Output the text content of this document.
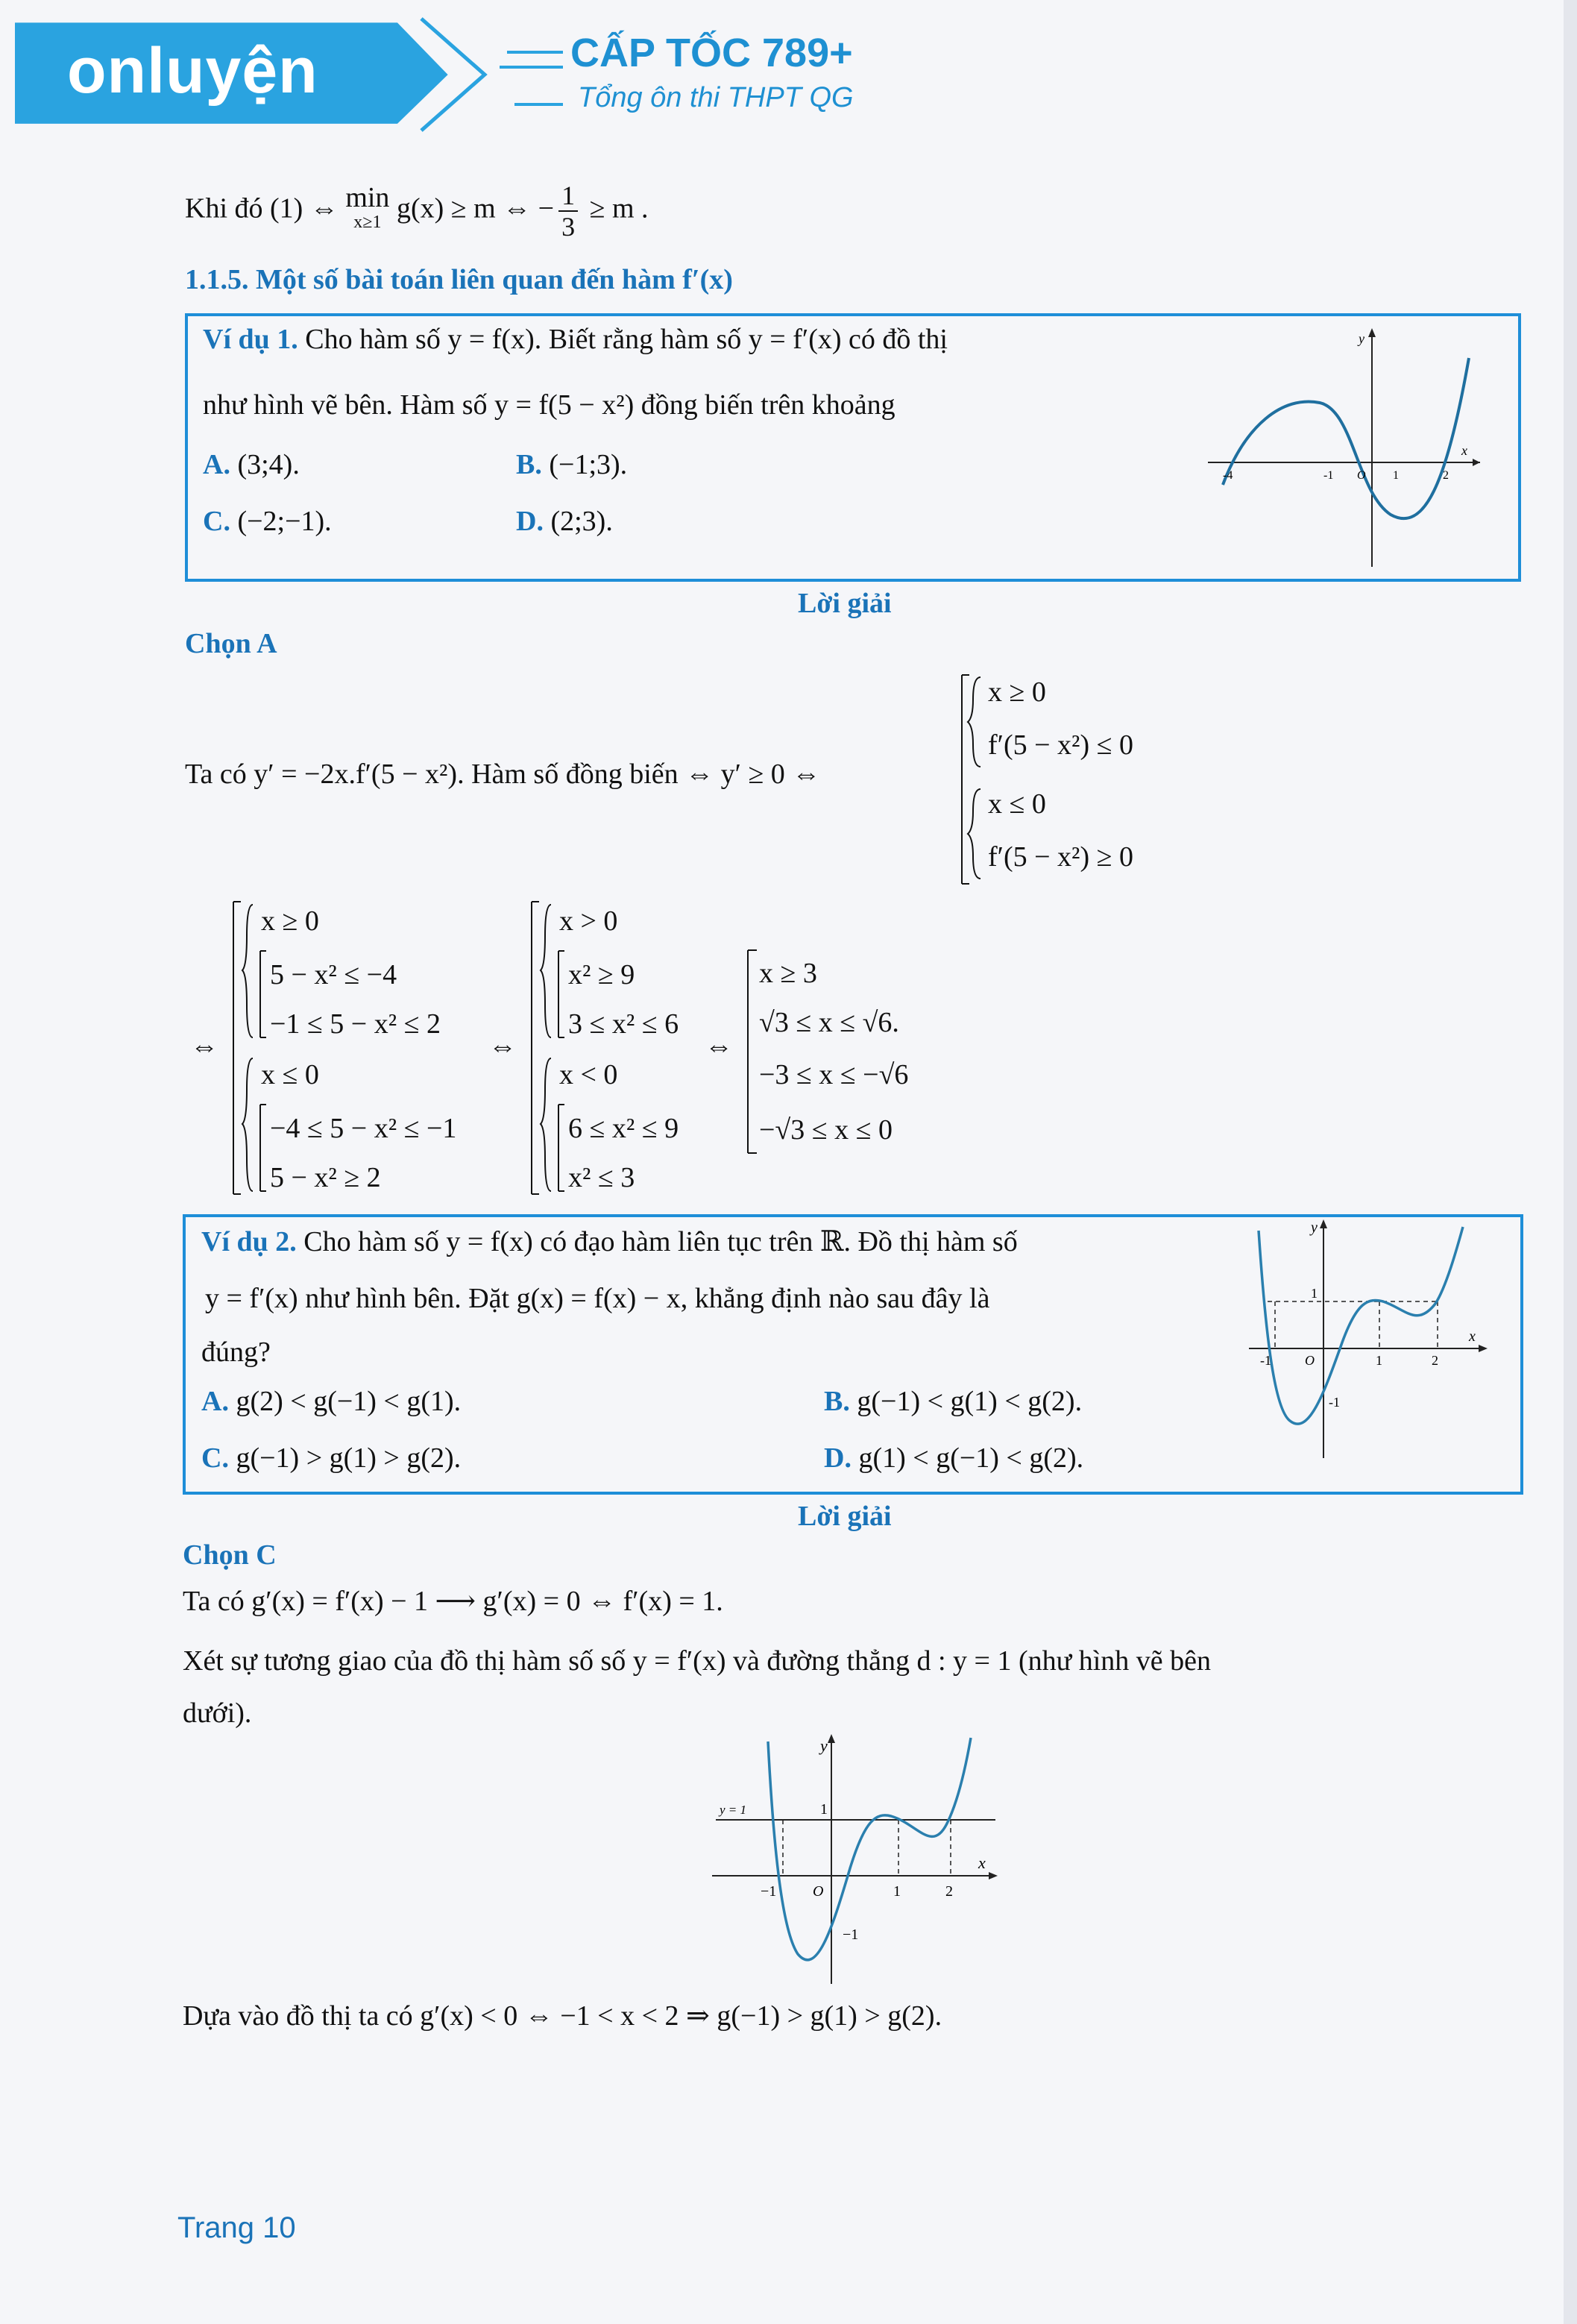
onluyện	CẤP TỐC 789+
Tổng ôn thi THPT QG
Khi đó (1) ⇔ min
x≥1 g(x) ≥ m ⇔ − $\frac{1}{3} \ge m$ .
1.1.5. Một số bài toán liên quan đến hàm f′(x)
Ví dụ 1. Cho hàm số y = f(x). Biết rằng hàm số y = f′(x) có đồ thị
như hình vẽ bên. Hàm số y = f(5 − x²) đồng biến trên khoảng
A. (3;4).	B. (−1;3).
C. (−2;−1).	D. (2;3).
y
x
-4	-1 O 1	2
Lời giải
Chọn A
Ta có y′ = −2x.f′(5 − x²). Hàm số đồng biến ⇔ y′ ≥ 0 ⇔
x ≥ 0
f′(5 − x²) ≤ 0
x ≤ 0
f′(5 − x²) ≥ 0
⇔
x ≥ 0
5 − x² ≤ −4
−1 ≤ 5 − x² ≤ 2
x ≤ 0
−4 ≤ 5 − x² ≤ −1
5 − x² ≥ 2
⇔
x > 0
x² ≥ 9
3 ≤ x² ≤ 6
x < 0
6 ≤ x² ≤ 9
x² ≤ 3
⇔
x ≥ 3
√3 ≤ x ≤ √6.
−3 ≤ x ≤ −√6
−√3 ≤ x ≤ 0
Ví dụ 2. Cho hàm số y = f(x) có đạo hàm liên tục trên ℝ. Đồ thị hàm số
y = f′(x) như hình bên. Đặt g(x) = f(x) − x, khẳng định nào sau đây là
đúng?
A. g(2) < g(−1) < g(1).	B. g(−1) < g(1) < g(2).
C. g(−1) > g(1) > g(2).	D. g(1) < g(−1) < g(2).
y
x
1
-1	O	1	2
-1
Lời giải
Chọn C
Ta có g′(x) = f′(x) − 1 ⟶ g′(x) = 0 ⇔ f′(x) = 1.
Xét sự tương giao của đồ thị hàm số số y = f′(x) và đường thẳng d : y = 1 (như hình vẽ bên
dưới).
y
x
y = 1	1
−1 O	1	2
−1
Dựa vào đồ thị ta có g′(x) < 0 ⇔ −1 < x < 2 ⇒ g(−1) > g(1) > g(2).
Trang 10
